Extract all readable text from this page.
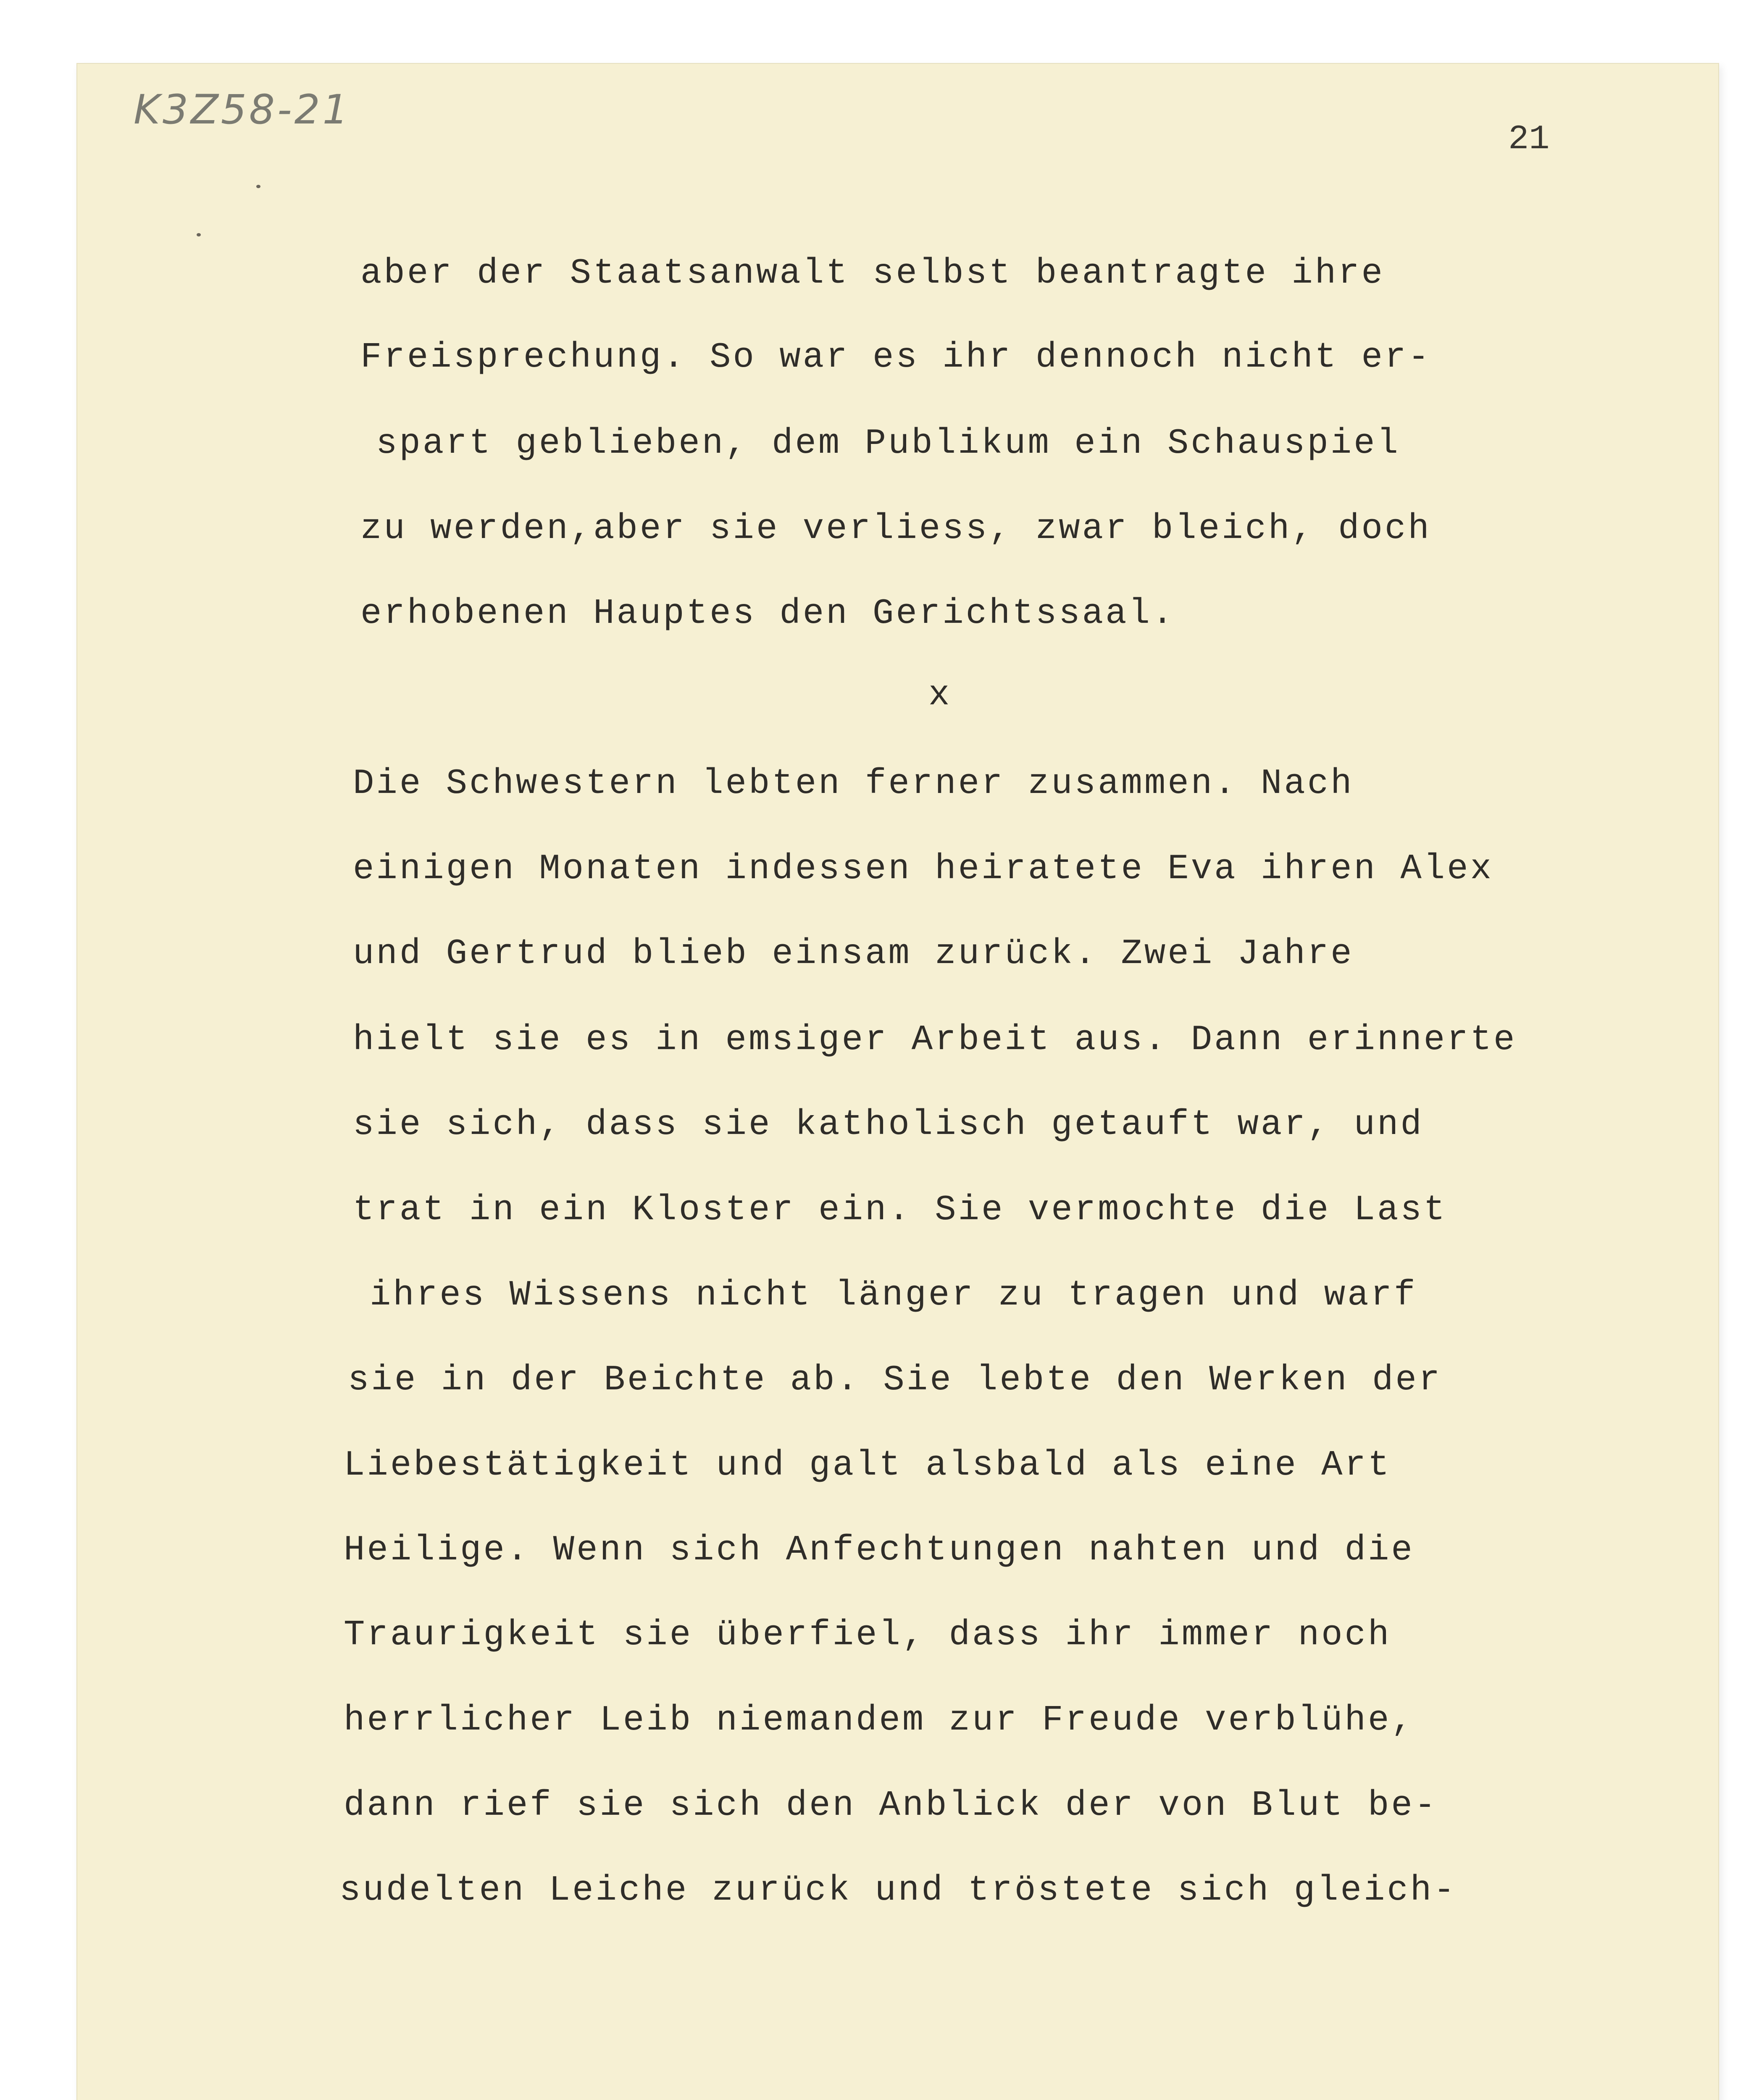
K3Z58-21
21
aber der Staatsanwalt selbst beantragte ihre
Freisprechung. So war es ihr dennoch nicht er-
spart geblieben, dem Publikum ein Schauspiel
zu werden,aber sie verliess, zwar bleich, doch
erhobenen Hauptes den Gerichtssaal.
x
Die Schwestern lebten ferner zusammen. Nach
einigen Monaten indessen heiratete Eva ihren Alex
und Gertrud blieb einsam zurück. Zwei Jahre
hielt sie es in emsiger Arbeit aus. Dann erinnerte
sie sich, dass sie katholisch getauft war, und
trat in ein Kloster ein. Sie vermochte die Last
ihres Wissens nicht länger zu tragen und warf
sie in der Beichte ab. Sie lebte den Werken der
Liebestätigkeit und galt alsbald als eine Art
Heilige. Wenn sich Anfechtungen nahten und die
Traurigkeit sie überfiel, dass ihr immer noch
herrlicher Leib niemandem zur Freude verblühe,
dann rief sie sich den Anblick der von Blut be-
sudelten Leiche zurück und tröstete sich gleich-
